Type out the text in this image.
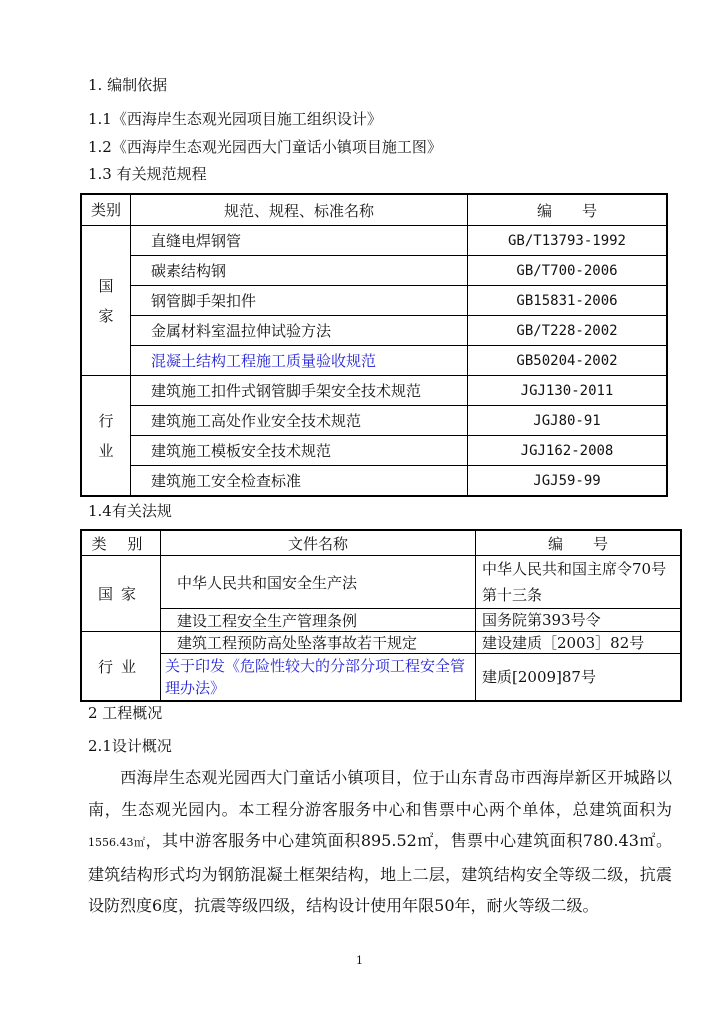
1. 编制依据
1.1《西海岸生态观光园项目施工组织设计》
1.2《西海岸生态观光园西大门童话小镇项目施工图》
1.3 有关规范规程
类别	规范、规程、标准名称	编　　号
国
家	直缝电焊钢管	GB/T13793-1992
	碳素结构钢	GB/T700-2006
	钢管脚手架扣件	GB15831-2006
	金属材料室温拉伸试验方法	GB/T228-2002
	混凝土结构工程施工质量验收规范	GB50204-2002
行
业	建筑施工扣件式钢管脚手架安全技术规范	JGJ130-2011
	建筑施工高处作业安全技术规范	JGJ80-91
	建筑施工模板安全技术规范	JGJ162-2008
	建筑施工安全检查标准	JGJ59-99
1.4有关法规
类 别	文件名称	编　　号
国家	中华人民共和国安全生产法	中华人民共和国主席令70号第十三条
	建设工程安全生产管理条例	国务院第393号令
行业	建筑工程预防高处坠落事故若干规定	建设建质［2003］82号
	关于印发《危险性较大的分部分项工程安全管理办法》	建质[2009]87号
2 工程概况
2.1设计概况
西海岸生态观光园西大门童话小镇项目，位于山东青岛市西海岸新区开城路以南，生态观光园内。本工程分游客服务中心和售票中心两个单体，总建筑面积为1556.43㎡，其中游客服务中心建筑面积895.52㎡，售票中心建筑面积780.43㎡。建筑结构形式均为钢筋混凝土框架结构，地上二层，建筑结构安全等级二级，抗震设防烈度6度，抗震等级四级，结构设计使用年限50年，耐火等级二级。
1
